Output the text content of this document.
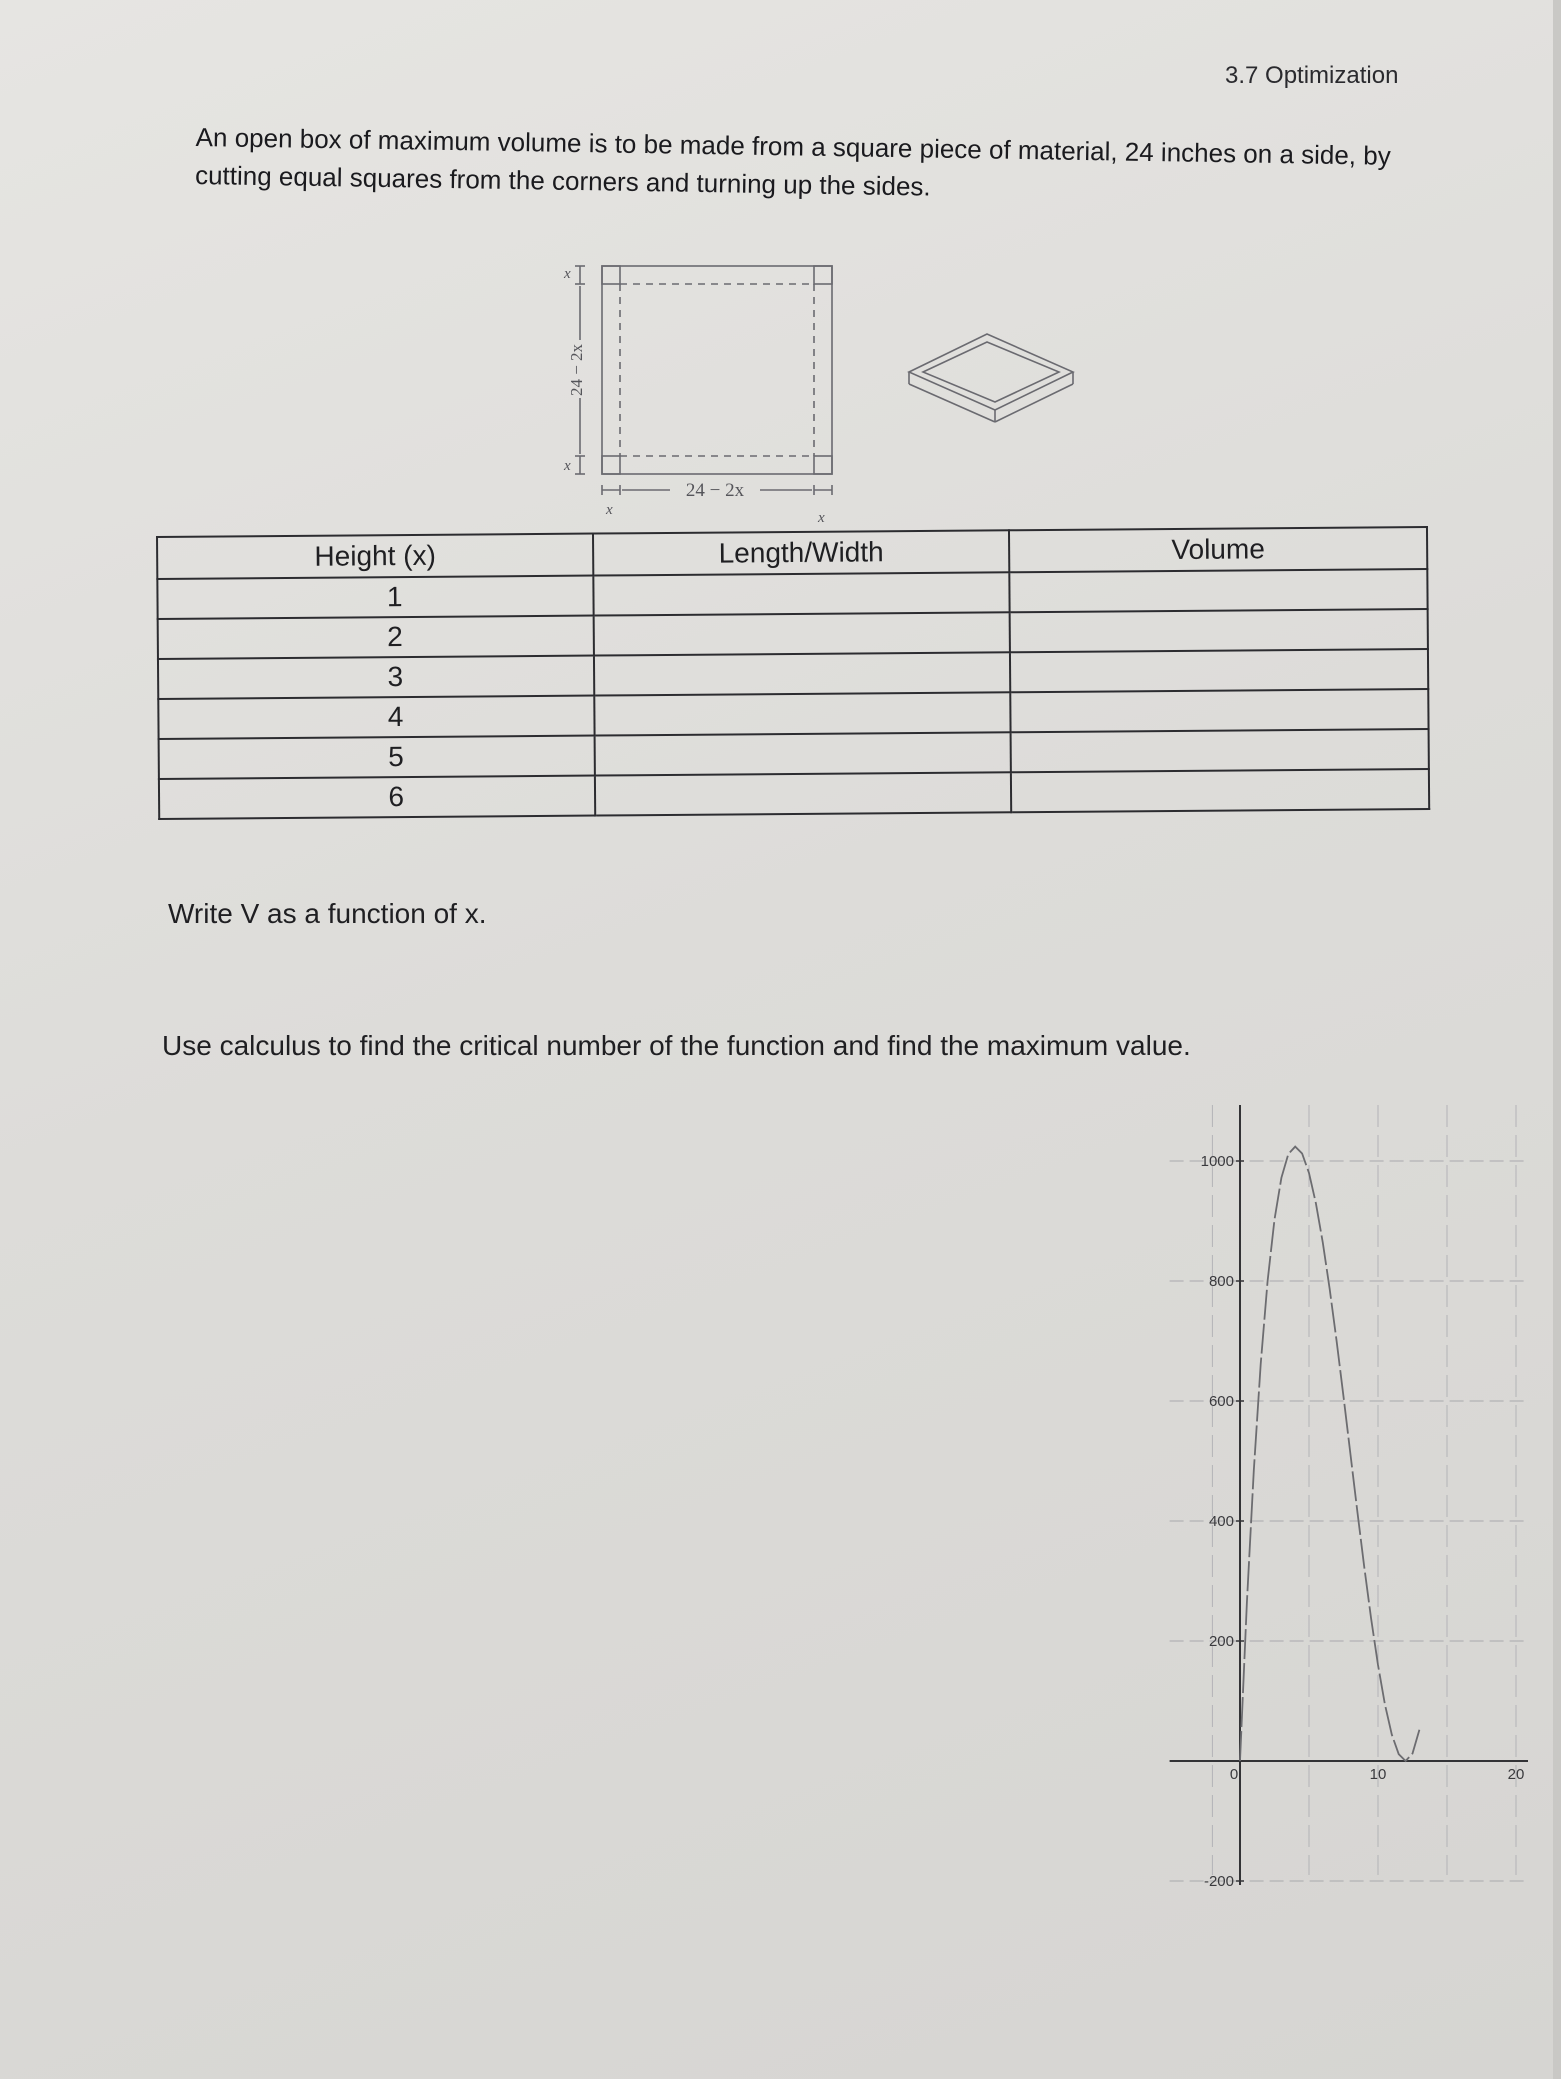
3.7 Optimization
An open box of maximum volume is to be made from a square piece of material, 24 inches on a side, by cutting equal squares from the corners and turning up the sides.
24 − 2x
24 − 2x
x
x
x	x
Height (x)	Length/Width	Volume
1		
2		
3		
4		
5		
6		
Write V as a function of x.
Use calculus to find the critical number of the function and find the maximum value.
1000
800
600
400
200
-200
0	10	20
